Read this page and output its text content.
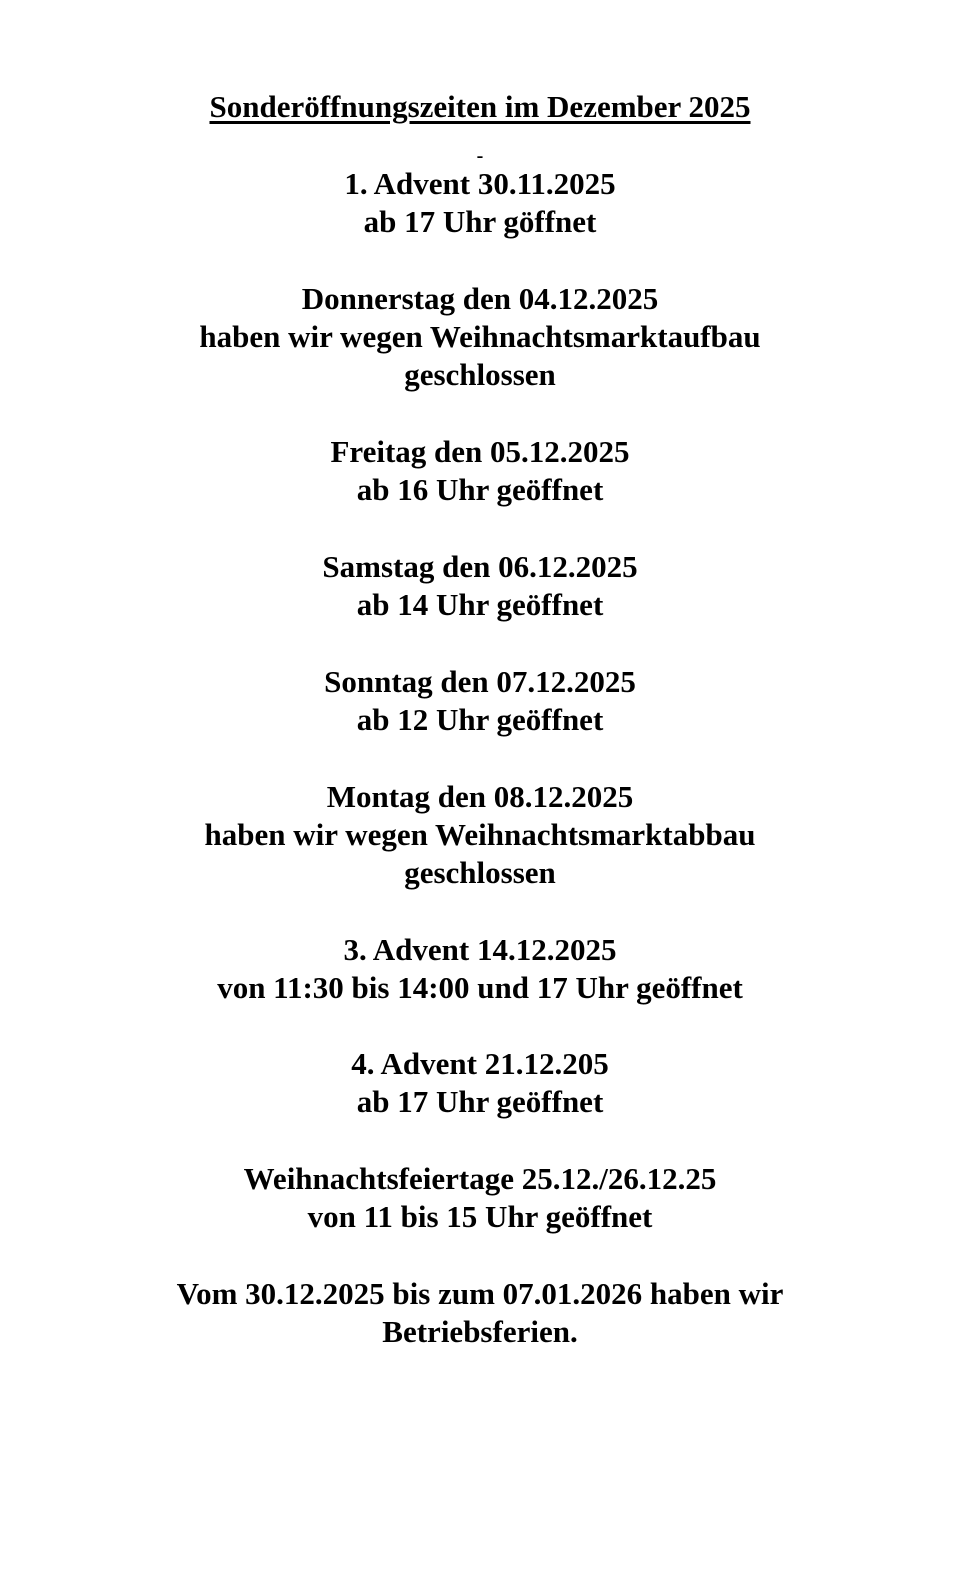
Sonderöffnungszeiten im Dezember 2025
-
1. Advent 30.11.2025
ab 17 Uhr göffnet
Donnerstag den 04.12.2025
haben wir wegen Weihnachtsmarktaufbau
geschlossen
Freitag den 05.12.2025
ab 16 Uhr geöffnet
Samstag den 06.12.2025
ab 14 Uhr geöffnet
Sonntag den 07.12.2025
ab 12 Uhr geöffnet
Montag den 08.12.2025
haben wir wegen Weihnachtsmarktabbau
geschlossen
3. Advent 14.12.2025
von 11:30 bis 14:00 und 17 Uhr geöffnet
4. Advent 21.12.205
ab 17 Uhr geöffnet
Weihnachtsfeiertage 25.12./26.12.25
von 11 bis 15 Uhr geöffnet
Vom 30.12.2025 bis zum 07.01.2026 haben wir
Betriebsferien.
